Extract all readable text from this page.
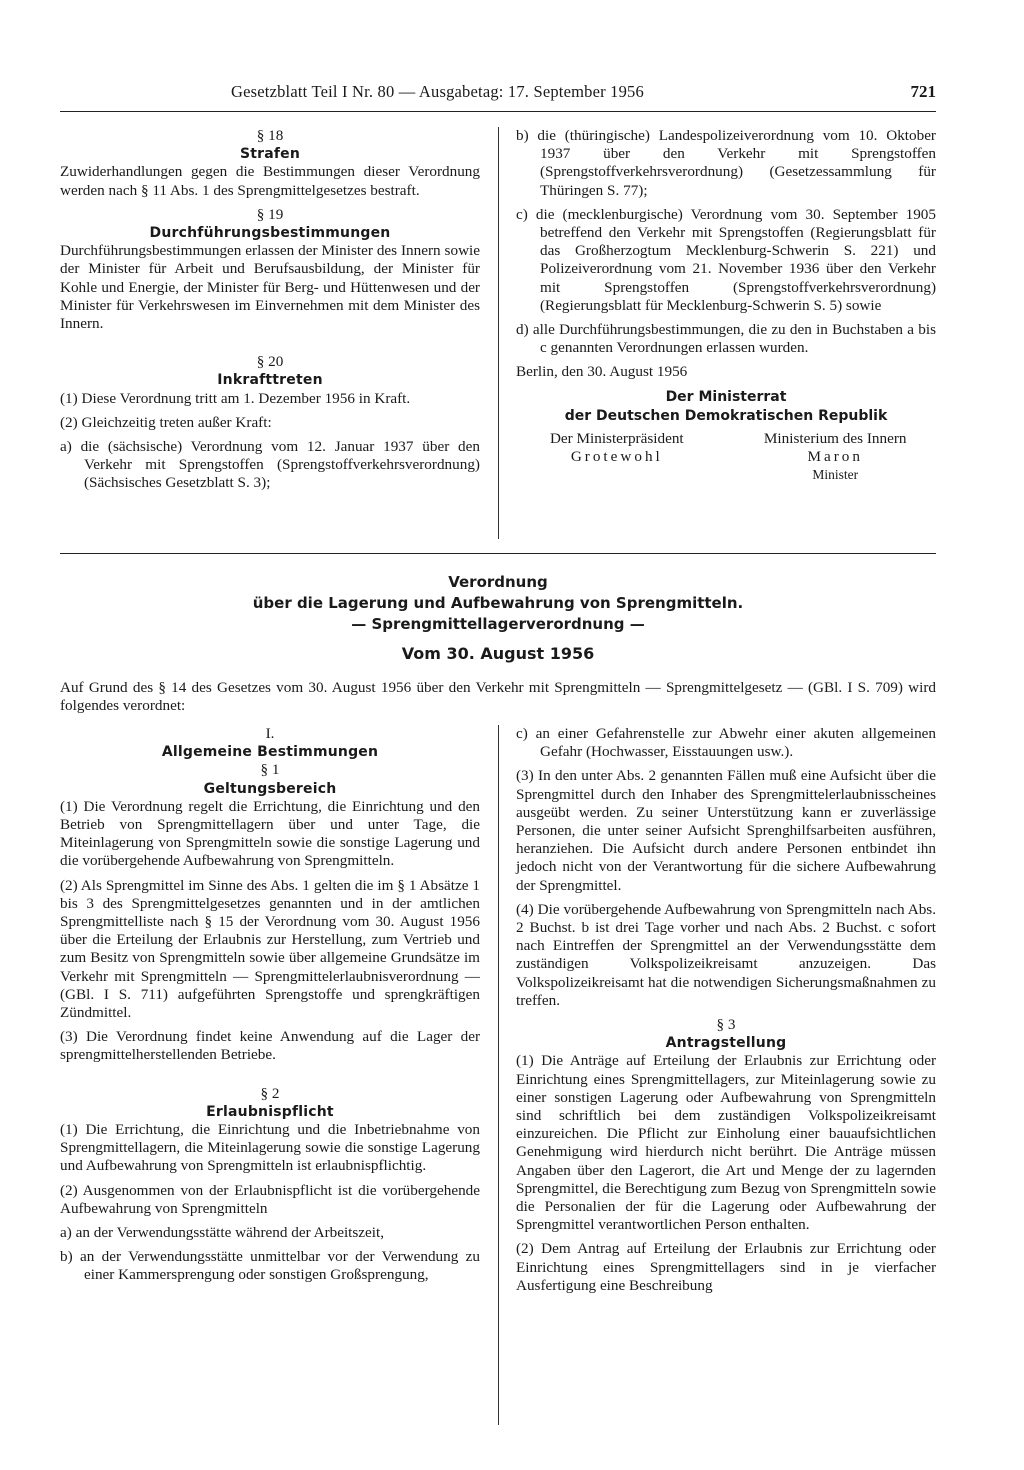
Gesetzblatt Teil I Nr. 80 — Ausgabetag: 17. September 1956	721

§ 18

Strafen

Zuwiderhandlungen gegen die Bestimmungen dieser Verordnung werden nach § 11 Abs. 1 des Sprengmittelgesetzes bestraft.

§ 19

Durchführungsbestimmungen

Durchführungsbestimmungen erlassen der Minister des Innern sowie der Minister für Arbeit und Berufsausbildung, der Minister für Kohle und Energie, der Minister für Berg- und Hüttenwesen und der Minister für Verkehrswesen im Einvernehmen mit dem Minister des Innern.

§ 20

Inkrafttreten

(1) Diese Verordnung tritt am 1. Dezember 1956 in Kraft.

(2) Gleichzeitig treten außer Kraft:

a) die (sächsische) Verordnung vom 12. Januar 1937 über den Verkehr mit Sprengstoffen (Sprengstoffverkehrsverordnung) (Sächsisches Gesetzblatt S. 3);

b) die (thüringische) Landespolizeiverordnung vom 10. Oktober 1937 über den Verkehr mit Sprengstoffen (Sprengstoffverkehrsverordnung) (Gesetzessammlung für Thüringen S. 77);

c) die (mecklenburgische) Verordnung vom 30. September 1905 betreffend den Verkehr mit Sprengstoffen (Regierungsblatt für das Großherzogtum Mecklenburg-Schwerin S. 221) und Polizeiverordnung vom 21. November 1936 über den Verkehr mit Sprengstoffen (Sprengstoffverkehrsverordnung) (Regierungsblatt für Mecklenburg-Schwerin S. 5) sowie

d) alle Durchführungsbestimmungen, die zu den in Buchstaben a bis c genannten Verordnungen erlassen wurden.

Berlin, den 30. August 1956

Der Ministerrat
der Deutschen Demokratischen Republik
Der Ministerpräsident
Grotewohl
Ministerium des Innern
Maron
Minister
Verordnung
über die Lagerung und Aufbewahrung von Sprengmitteln.
— Sprengmittellagerverordnung —
Vom 30. August 1956

Auf Grund des § 14 des Gesetzes vom 30. August 1956 über den Verkehr mit Sprengmitteln — Sprengmittelgesetz — (GBl. I S. 709) wird folgendes verordnet:

I.

Allgemeine Bestimmungen

§ 1

Geltungsbereich

(1) Die Verordnung regelt die Errichtung, die Einrichtung und den Betrieb von Sprengmittellagern über und unter Tage, die Miteinlagerung von Sprengmitteln sowie die sonstige Lagerung und die vorübergehende Aufbewahrung von Sprengmitteln.

(2) Als Sprengmittel im Sinne des Abs. 1 gelten die im § 1 Absätze 1 bis 3 des Sprengmittelgesetzes genannten und in der amtlichen Sprengmittelliste nach § 15 der Verordnung vom 30. August 1956 über die Erteilung der Erlaubnis zur Herstellung, zum Vertrieb und zum Besitz von Sprengmitteln sowie über allgemeine Grundsätze im Verkehr mit Sprengmitteln — Sprengmittelerlaubnisverordnung — (GBl. I S. 711) aufgeführten Sprengstoffe und sprengkräftigen Zündmittel.

(3) Die Verordnung findet keine Anwendung auf die Lager der sprengmittelherstellenden Betriebe.

§ 2

Erlaubnispflicht

(1) Die Errichtung, die Einrichtung und die Inbetriebnahme von Sprengmittellagern, die Miteinlagerung sowie die sonstige Lagerung und Aufbewahrung von Sprengmitteln ist erlaubnispflichtig.

(2) Ausgenommen von der Erlaubnispflicht ist die vorübergehende Aufbewahrung von Sprengmitteln

a) an der Verwendungsstätte während der Arbeitszeit,

b) an der Verwendungsstätte unmittelbar vor der Verwendung zu einer Kammersprengung oder sonstigen Großsprengung,

c) an einer Gefahrenstelle zur Abwehr einer akuten allgemeinen Gefahr (Hochwasser, Eisstauungen usw.).

(3) In den unter Abs. 2 genannten Fällen muß eine Aufsicht über die Sprengmittel durch den Inhaber des Sprengmittelerlaubnisscheines ausgeübt werden. Zu seiner Unterstützung kann er zuverlässige Personen, die unter seiner Aufsicht Sprenghilfsarbeiten ausführen, heranziehen. Die Aufsicht durch andere Personen entbindet ihn jedoch nicht von der Verantwortung für die sichere Aufbewahrung der Sprengmittel.

(4) Die vorübergehende Aufbewahrung von Sprengmitteln nach Abs. 2 Buchst. b ist drei Tage vorher und nach Abs. 2 Buchst. c sofort nach Eintreffen der Sprengmittel an der Verwendungsstätte dem zuständigen Volkspolizeikreisamt anzuzeigen. Das Volkspolizeikreisamt hat die notwendigen Sicherungsmaßnahmen zu treffen.

§ 3

Antragstellung

(1) Die Anträge auf Erteilung der Erlaubnis zur Errichtung oder Einrichtung eines Sprengmittellagers, zur Miteinlagerung sowie zu einer sonstigen Lagerung oder Aufbewahrung von Sprengmitteln sind schriftlich bei dem zuständigen Volkspolizeikreisamt einzureichen. Die Pflicht zur Einholung einer bauaufsichtlichen Genehmigung wird hierdurch nicht berührt. Die Anträge müssen Angaben über den Lagerort, die Art und Menge der zu lagernden Sprengmittel, die Berechtigung zum Bezug von Sprengmitteln sowie die Personalien der für die Lagerung oder Aufbewahrung der Sprengmittel verantwortlichen Person enthalten.

(2) Dem Antrag auf Erteilung der Erlaubnis zur Errichtung oder Einrichtung eines Sprengmittellagers sind in je vierfacher Ausfertigung eine Beschreibung
